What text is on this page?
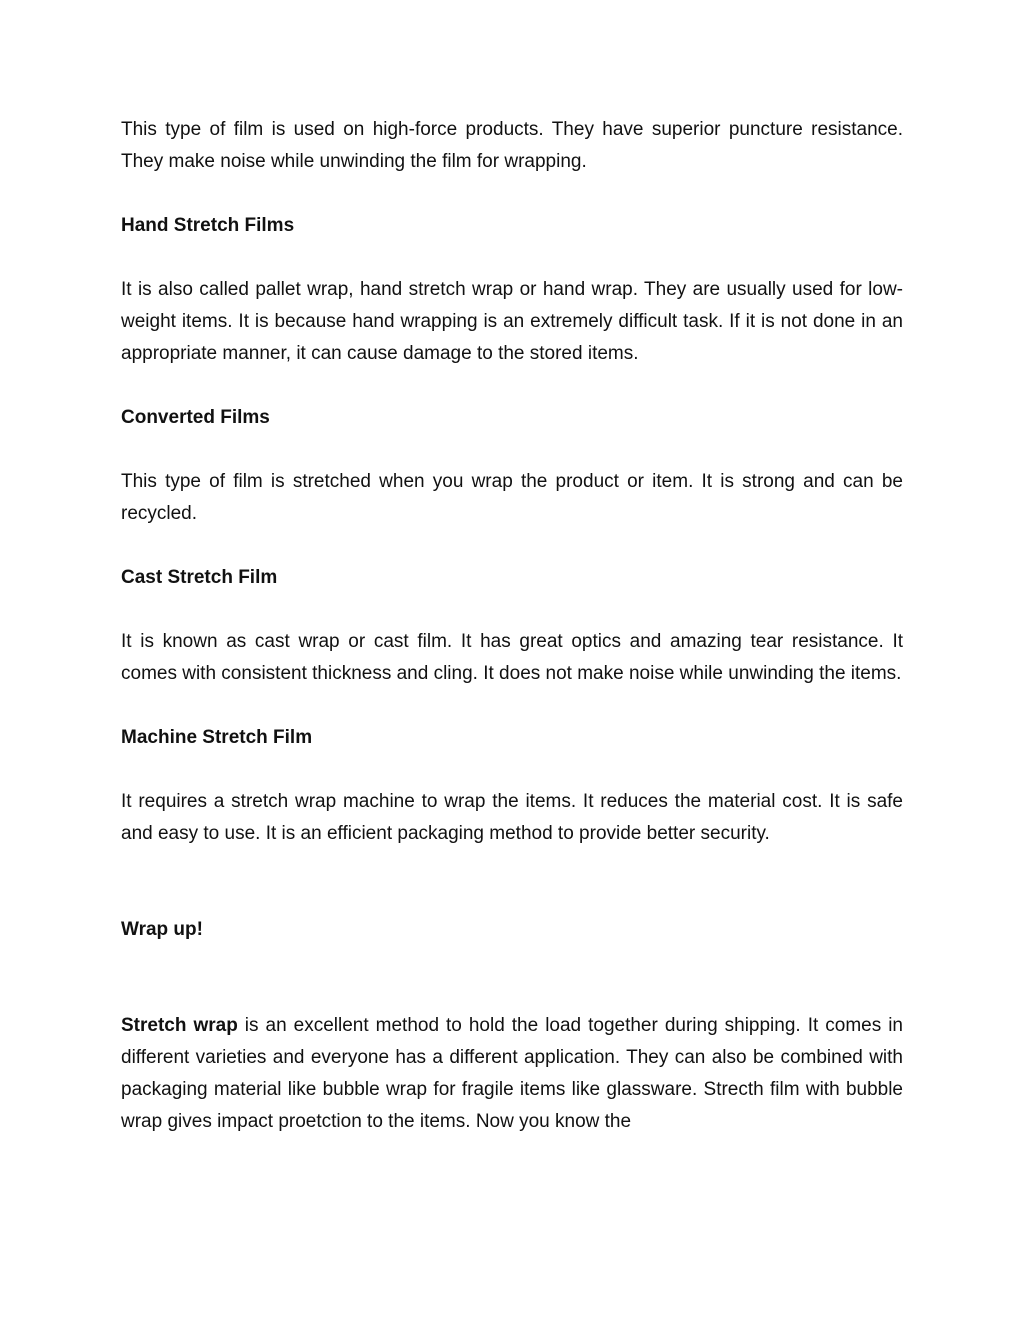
This type of film is used on high-force products. They have superior puncture resistance. They make noise while unwinding the film for wrapping.

Hand Stretch Films

It is also called pallet wrap, hand stretch wrap or hand wrap. They are usually used for low-weight items. It is because hand wrapping is an extremely difficult task. If it is not done in an appropriate manner, it can cause damage to the stored items.

Converted Films

This type of film is stretched when you wrap the product or item. It is strong and can be recycled.

Cast Stretch Film

It is known as cast wrap or cast film. It has great optics and amazing tear resistance. It comes with consistent thickness and cling. It does not make noise while unwinding the items.

Machine Stretch Film

It requires a stretch wrap machine to wrap the items. It reduces the material cost. It is safe and easy to use. It is an efficient packaging method to provide better security.

Wrap up!

Stretch wrap is an excellent method to hold the load together during shipping. It comes in different varieties and everyone has a different application. They can also be combined with packaging material like bubble wrap for fragile items like glassware. Strecth film with bubble wrap gives impact proetction to the items. Now you know the
